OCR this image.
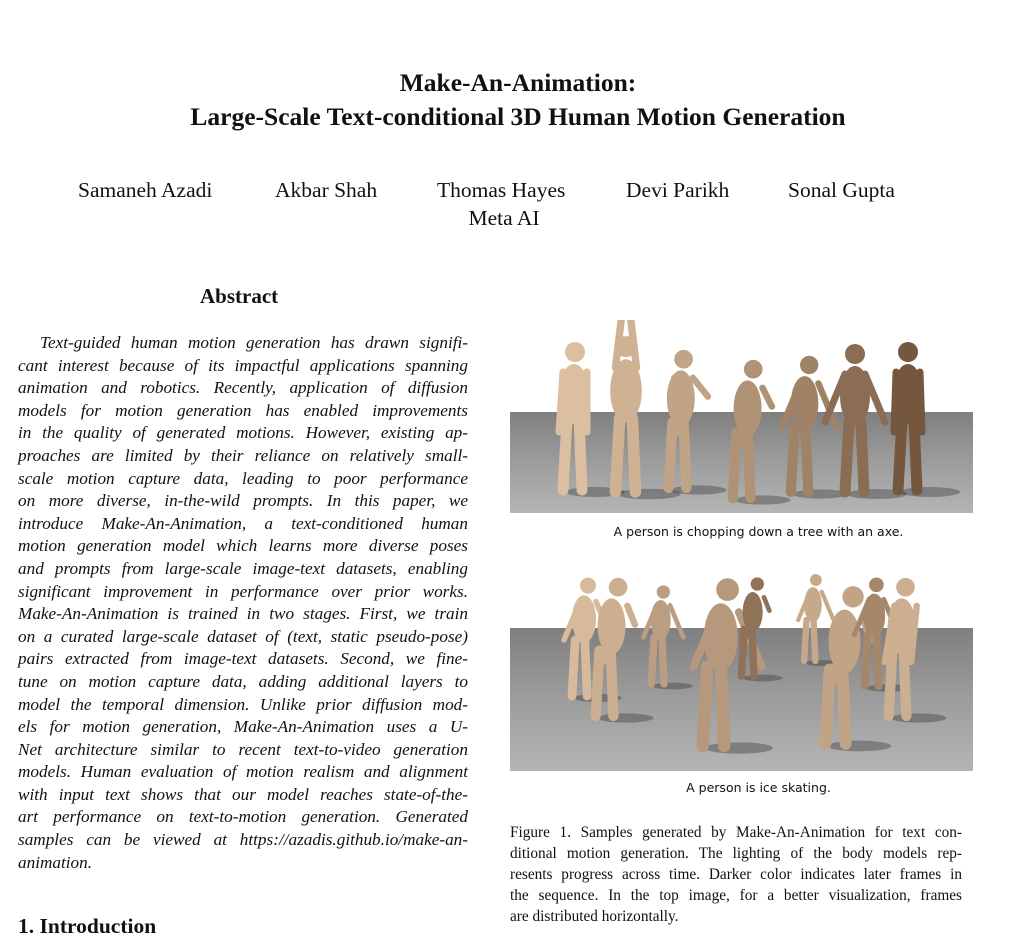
Make-An-Animation:
Large-Scale Text-conditional 3D Human Motion Generation
Samaneh Azadi	Akbar Shah	Thomas Hayes	Devi Parikh	Sonal Gupta
Meta AI
Abstract
Text-guided human motion generation has drawn signifi-
cant interest because of its impactful applications spanning
animation and robotics. Recently, application of diffusion
models for motion generation has enabled improvements
in the quality of generated motions. However, existing ap-
proaches are limited by their reliance on relatively small-
scale motion capture data, leading to poor performance
on more diverse, in-the-wild prompts. In this paper, we
introduce Make-An-Animation, a text-conditioned human
motion generation model which learns more diverse poses
and prompts from large-scale image-text datasets, enabling
significant improvement in performance over prior works.
Make-An-Animation is trained in two stages. First, we train
on a curated large-scale dataset of (text, static pseudo-pose)
pairs extracted from image-text datasets. Second, we fine-
tune on motion capture data, adding additional layers to
model the temporal dimension. Unlike prior diffusion mod-
els for motion generation, Make-An-Animation uses a U-
Net architecture similar to recent text-to-video generation
models. Human evaluation of motion realism and alignment
with input text shows that our model reaches state-of-the-
art performance on text-to-motion generation. Generated
samples can be viewed at https://azadis.github.io/make-an-
animation.
1. Introduction
A person is chopping down a tree with an axe.
A person is ice skating.
Figure 1. Samples generated by Make-An-Animation for text con-
ditional motion generation. The lighting of the body models rep-
resents progress across time. Darker color indicates later frames in
the sequence. In the top image, for a better visualization, frames
are distributed horizontally.
